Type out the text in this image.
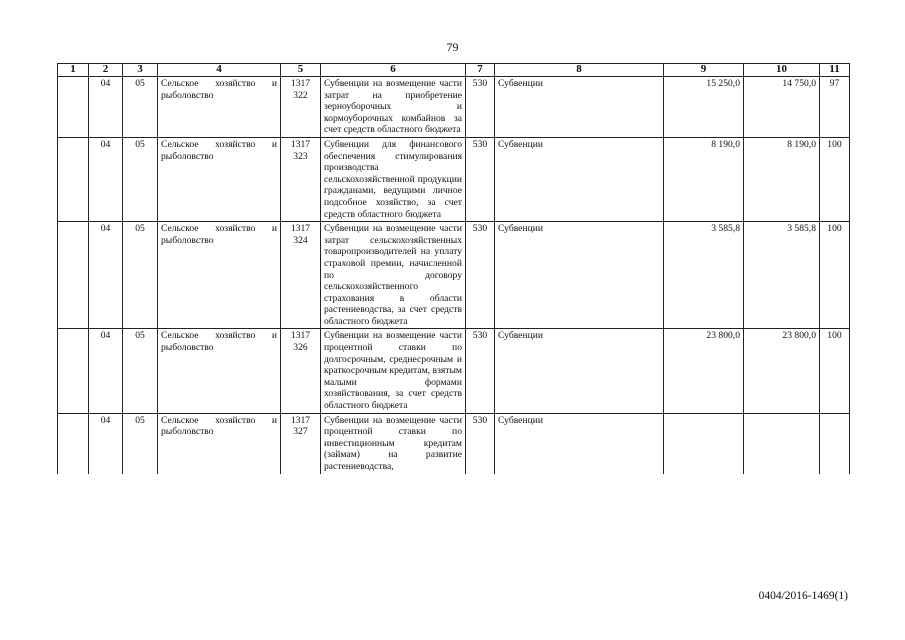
79
1	2	3	4	5	6	7	8	9	10	11
	04	05	Сельское хозяйство и рыболовство	1317 322	Субвенции на возмещение части затрат на приобретение зерноуборочных и кормоуборочных комбайнов за счет средств областного бюджета	530	Субвенции	15 250,0	14 750,0	97
	04	05	Сельское хозяйство и рыболовство	1317 323	Субвенции для финансового обеспечения стимулирования производства сельскохозяйственной продукции гражданами, ведущими личное подсобное хозяйство, за счет средств областного бюджета	530	Субвенции	8 190,0	8 190,0	100
	04	05	Сельское хозяйство и рыболовство	1317 324	Субвенции на возмещение части затрат сельскохозяйственных товаропроизводителей на уплату страховой премии, начисленной по договору сельскохозяйственного страхования в области растениеводства, за счет средств областного бюджета	530	Субвенции	3 585,8	3 585,8	100
	04	05	Сельское хозяйство и рыболовство	1317 326	Субвенции на возмещение части процентной ставки по долгосрочным, среднесрочным и краткосрочным кредитам, взятым малыми формами хозяйствования, за счет средств областного бюджета	530	Субвенции	23 800,0	23 800,0	100
	04	05	Сельское хозяйство и рыболовство	1317 327	Субвенции на возмещение части процентной ставки по инвестиционным кредитам (займам) на развитие растениеводства,	530	Субвенции			
0404/2016-1469(1)
